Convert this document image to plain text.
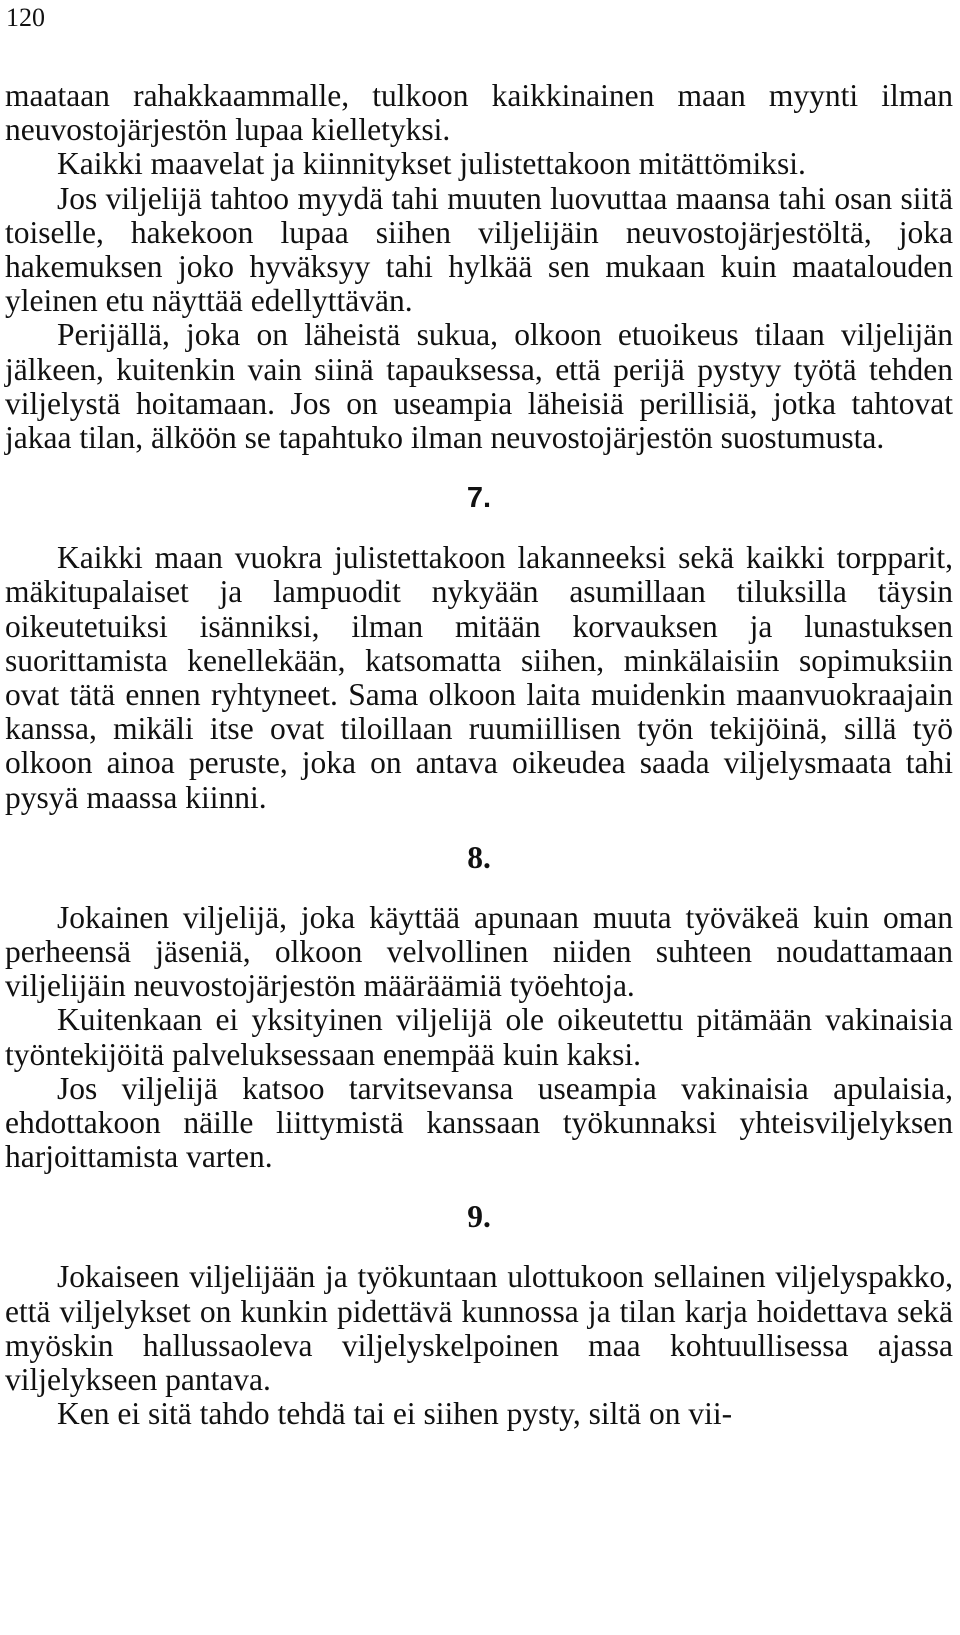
120

maataan rahakkaammalle, tulkoon kaikkinainen maan myynti ilman neuvostojärjestön lupaa kielletyksi.

Kaikki maavelat ja kiinnitykset julistettakoon mitättömiksi.

Jos viljelijä tahtoo myydä tahi muuten luovuttaa maansa tahi osan siitä toiselle, hakekoon lupaa siihen viljelijäin neuvostojärjestöltä, joka hakemuksen joko hyväksyy tahi hylkää sen mukaan kuin maatalouden yleinen etu näyttää edellyttävän.

Perijällä, joka on läheistä sukua, olkoon etuoikeus tilaan viljelijän jälkeen, kuitenkin vain siinä tapauksessa, että perijä pystyy työtä tehden viljelystä hoitamaan. Jos on useampia läheisiä perillisiä, jotka tahtovat jakaa tilan, älköön se tapahtuko ilman neuvostojärjestön suostumusta.

7.

Kaikki maan vuokra julistettakoon lakanneeksi sekä kaikki torpparit, mäkitupalaiset ja lampuodit nykyään asumillaan tiluksilla täysin oikeutetuiksi isänniksi, ilman mitään korvauksen ja lunastuksen suorittamista kenellekään, katsomatta siihen, minkälaisiin sopimuksiin ovat tätä ennen ryhtyneet. Sama olkoon laita muidenkin maanvuokraajain kanssa, mikäli itse ovat tiloillaan ruumiillisen työn tekijöinä, sillä työ olkoon ainoa peruste, joka on antava oikeudea saada viljelysmaata tahi pysyä maassa kiinni.

8.

Jokainen viljelijä, joka käyttää apunaan muuta työväkeä kuin oman perheensä jäseniä, olkoon velvollinen niiden suhteen noudattamaan viljelijäin neuvostojärjestön määräämiä työehtoja.

Kuitenkaan ei yksityinen viljelijä ole oikeutettu pitämään vakinaisia työntekijöitä palveluksessaan enempää kuin kaksi.

Jos viljelijä katsoo tarvitsevansa useampia vakinaisia apulaisia, ehdottakoon näille liittymistä kanssaan työkunnaksi yhteisviljelyksen harjoittamista varten.

9.

Jokaiseen viljelijään ja työkuntaan ulottukoon sellainen viljelyspakko, että viljelykset on kunkin pidettävä kunnossa ja tilan karja hoidettava sekä myöskin hallussaoleva viljelyskelpoinen maa kohtuullisessa ajassa viljelykseen pantava.

Ken ei sitä tahdo tehdä tai ei siihen pysty, siltä on vii-
